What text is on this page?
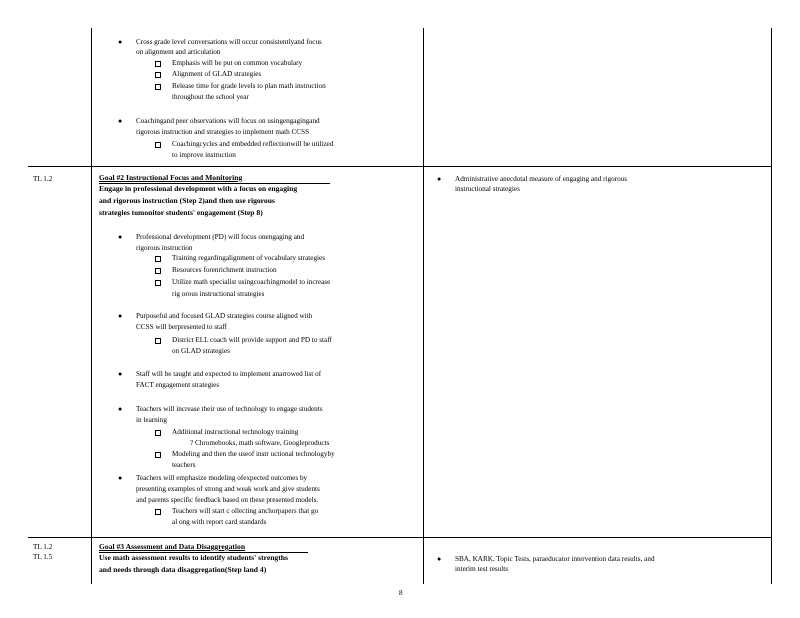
● Cross grade level conversations will occur consistentlyand focus
on alignment and articulation
Emphasis will be put on common vocabulary
Alignment of GLAD strategies
Release time for grade levels to plan math instruction
throughout the school year
● Coachingand peer observations will focus on usingengagingand
rigorous instruction and strategies to implement math CCSS
Coachingcycles and embedded reflectionwill be utilized
to improve instruction
TL 1.2	Goal #2 Instructional Focus and Monitoring
Engage in professional development with a focus on engaging
and rigorous instruction (Step 2)and then use rigorous
strategies tomonitor students' engagement (Step 8)
● Administrative anecdotal measure of engaging and rigorous
instructional strategies
● Professional development (PD) will focus onengaging and
rigorous instruction
Training regardingalignment of vocabulary strategies
Resources forenrichment instruction
Utilize math specialist usingcoachingmodel to increase
rig orous instructional strategies
● Purposeful and focused GLAD strategies course aligned with
CCSS will berpresented to staff
District ELL coach will provide support and PD to staff
on GLAD strategies
● Staff will be taught and expected to implement anarrowed list of
FACT engagement strategies
● Teachers will increase their use of technology to engage students
in learning
Additional instructional technology training
? Chromebooks, math software, Googleproducts
Modeling and then the useof instr uctional technologyby
teachers
● Teachers will emphasize modeling ofexpected outcomes by
presenting examples of strong and weak work and give students
and parents specific feedback based on these presented models.
Teachers will start c ollecting anchorpapers that go
al ong with report card standards
TL 1.2
TL 1.5
Goal #3 Assessment and Data Disaggregation
Use math assessment results to identify students' strengths
and needs through data disaggregation(Step land 4)
● SBA, KARK, Topic Tests, paraeducator intervention data results, and
interim test results
8
